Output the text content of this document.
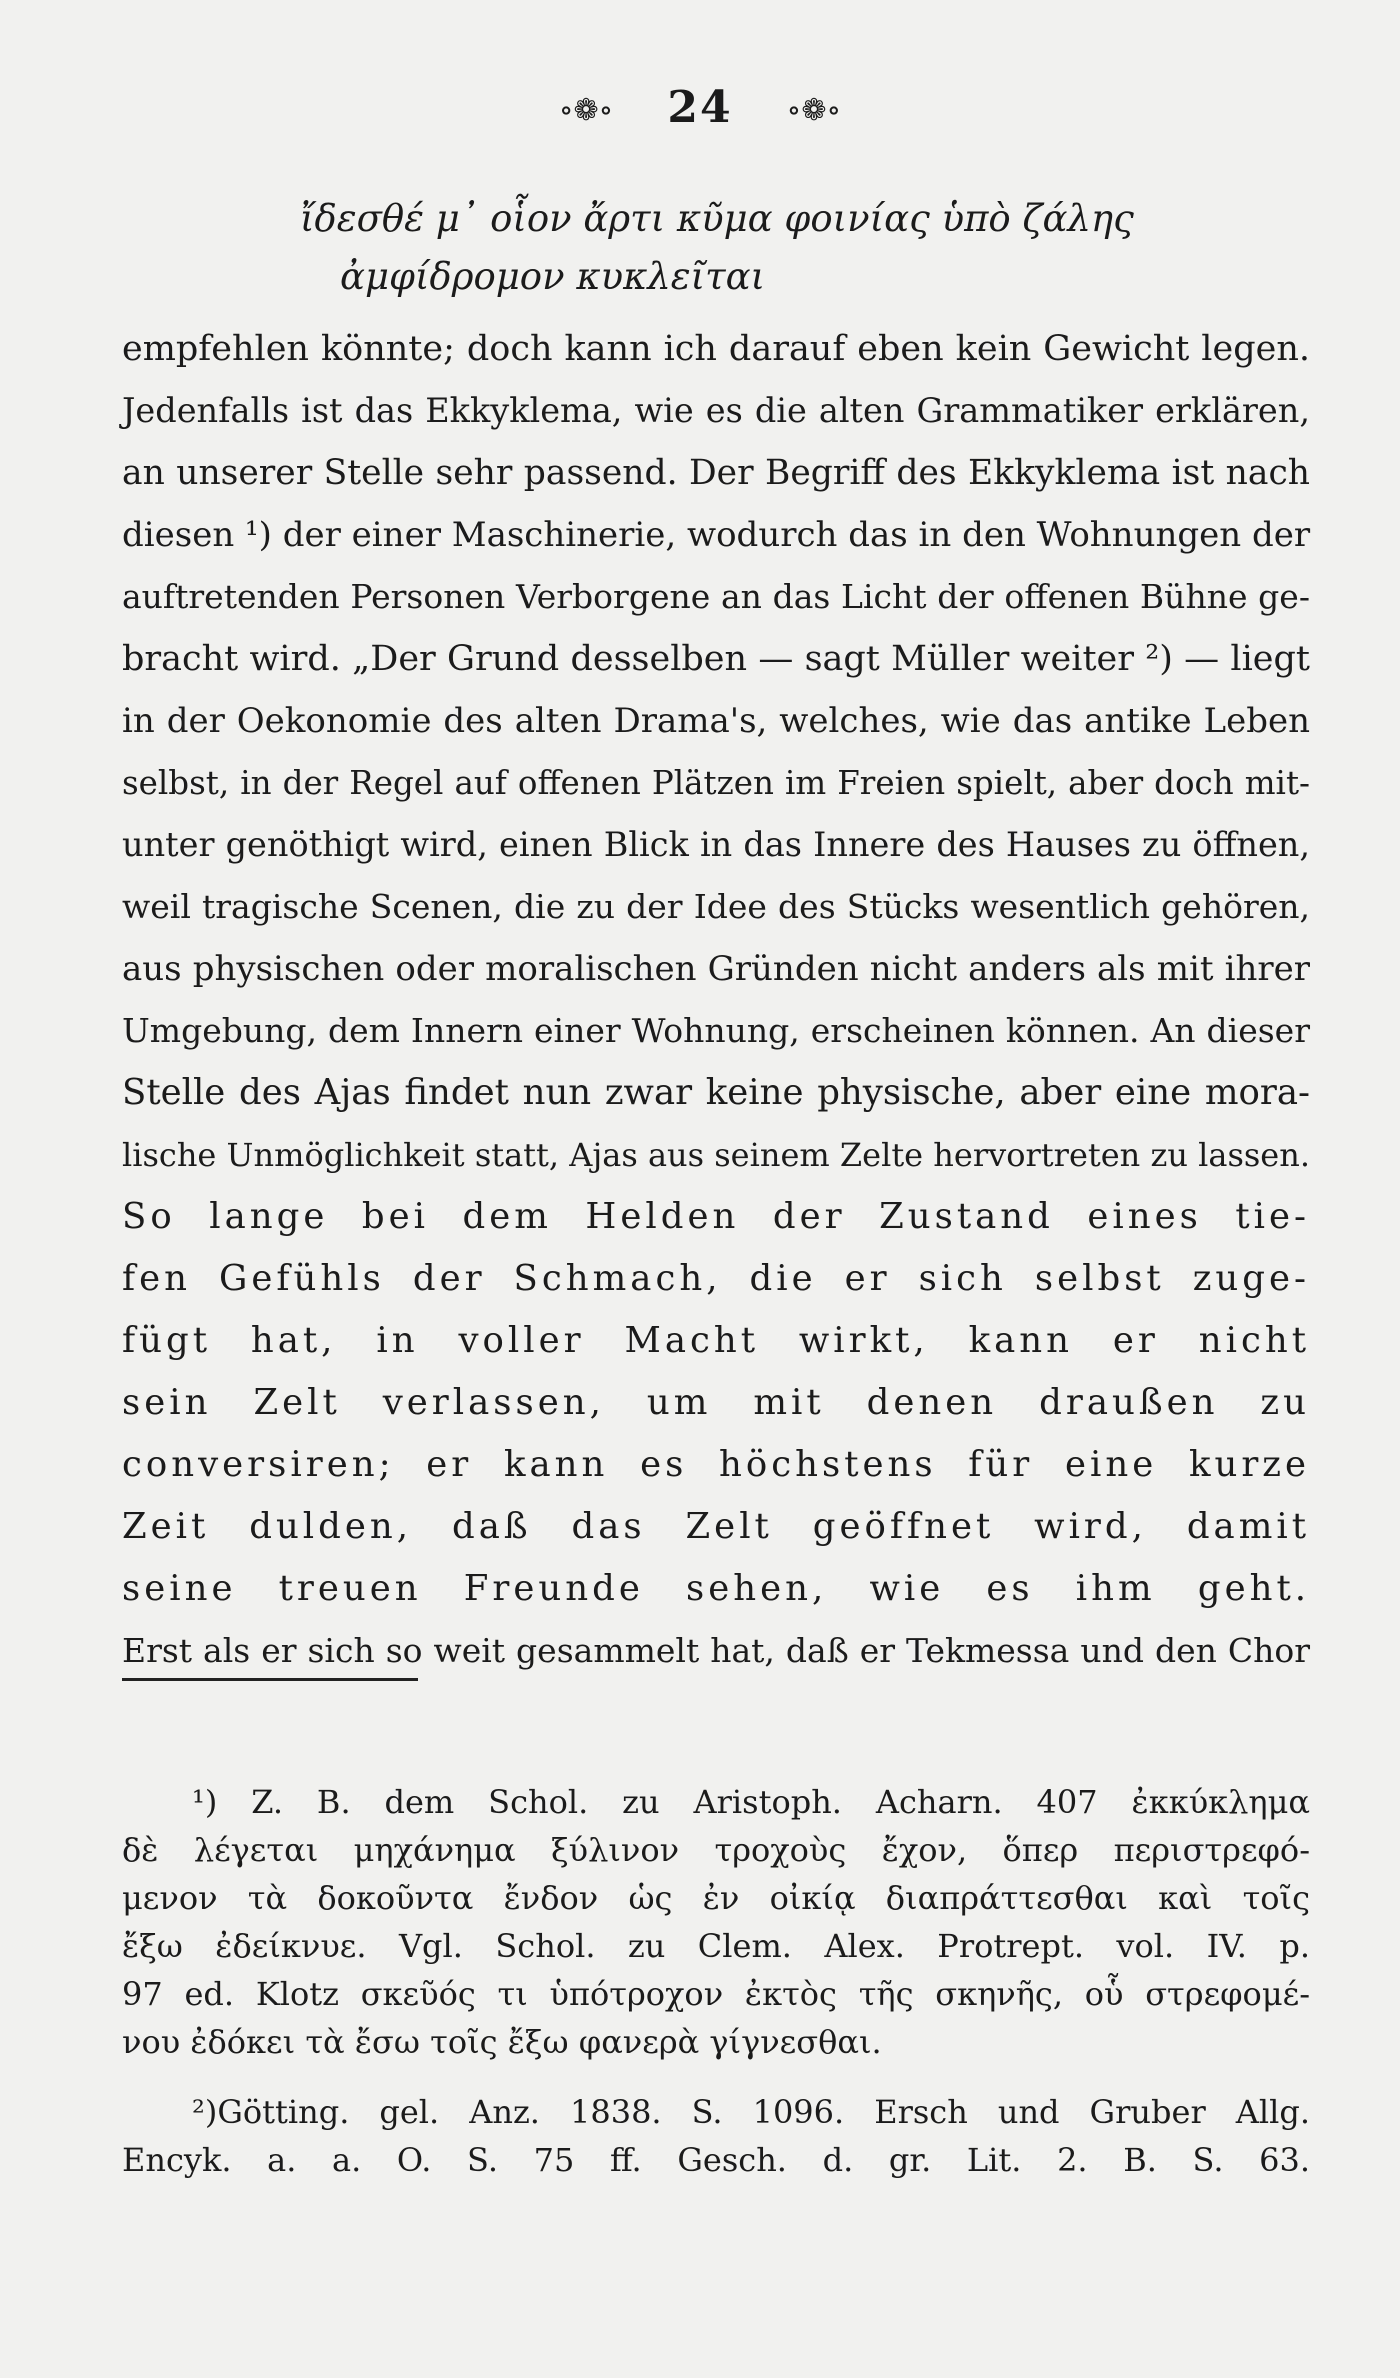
∘❁∘ 24 ∘❁∘
ἴδεσθέ μ᾽ οἷον ἄρτι κῦμα φοινίας ὑπὸ ζάλης
ἀμφίδρομον κυκλεῖται
empfehlen könnte; doch kann ich darauf eben kein Gewicht legen.
Jedenfalls ist das Ekkyklema, wie es die alten Grammatiker erklären,
an unserer Stelle sehr passend. Der Begriff des Ekkyklema ist nach
diesen ¹) der einer Maschinerie, wodurch das in den Wohnungen der
auftretenden Personen Verborgene an das Licht der offenen Bühne ge-
bracht wird. „Der Grund desselben — sagt Müller weiter ²) — liegt
in der Oekonomie des alten Drama's, welches, wie das antike Leben
selbst, in der Regel auf offenen Plätzen im Freien spielt, aber doch mit-
unter genöthigt wird, einen Blick in das Innere des Hauses zu öffnen,
weil tragische Scenen, die zu der Idee des Stücks wesentlich gehören,
aus physischen oder moralischen Gründen nicht anders als mit ihrer
Umgebung, dem Innern einer Wohnung, erscheinen können. An dieser
Stelle des Ajas findet nun zwar keine physische, aber eine mora-
lische Unmöglichkeit statt, Ajas aus seinem Zelte hervortreten zu lassen.
So lange bei dem Helden der Zustand eines tie-
fen Gefühls der Schmach, die er sich selbst zuge-
fügt hat, in voller Macht wirkt, kann er nicht
sein Zelt verlassen, um mit denen draußen zu
conversiren; er kann es höchstens für eine kurze
Zeit dulden, daß das Zelt geöffnet wird, damit
seine treuen Freunde sehen, wie es ihm geht.
Erst als er sich so weit gesammelt hat, daß er Tekmessa und den Chor
¹) Z. B. dem Schol. zu Aristoph. Acharn. 407 ἐκκύκλημα
δὲ λέγεται μηχάνημα ξύλινον τροχοὺς ἔχον, ὅπερ περιστρεφό-
μενον τὰ δοκοῦντα ἔνδον ὡς ἐν οἰκίᾳ διαπράττεσθαι καὶ τοῖς
ἔξω ἐδείκνυε. Vgl. Schol. zu Clem. Alex. Protrept. vol. IV. p.
97 ed. Klotz σκεῦός τι ὑπότροχον ἐκτὸς τῆς σκηνῆς, οὗ στρεφομέ-
νου ἐδόκει τὰ ἔσω τοῖς ἔξω φανερὰ γίγνεσθαι.
²)Götting. gel. Anz. 1838. S. 1096. Ersch und Gruber Allg.
Encyk. a. a. O. S. 75 ff. Gesch. d. gr. Lit. 2. B. S. 63.
